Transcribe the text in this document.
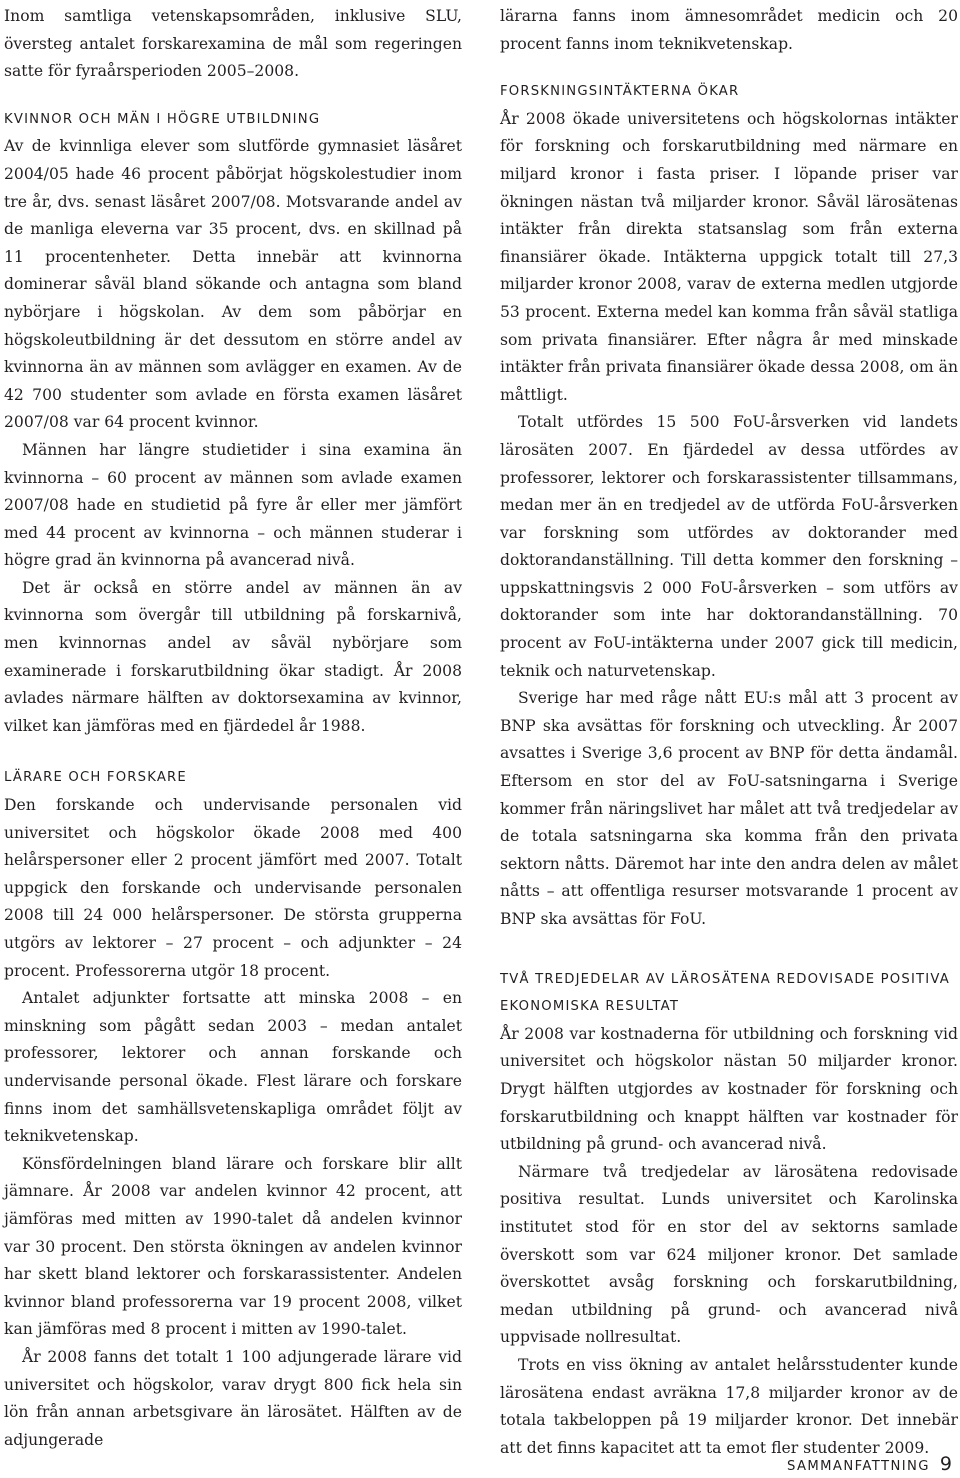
Inom samtliga vetenskapsområden, inklusive SLU, översteg antalet forskarexamina de mål som regeringen satte för fyraårsperioden 2005–2008.

KVINNOR OCH MÄN I HÖGRE UTBILDNING

Av de kvinnliga elever som slutförde gymnasiet läsåret 2004/05 hade 46 procent påbörjat högskolestudier inom tre år, dvs. senast läsåret 2007/08. Motsvarande andel av de manliga eleverna var 35 procent, dvs. en skillnad på 11 procentenheter. Detta innebär att kvinnorna dominerar såväl bland sökande och antagna som bland nybörjare i högskolan. Av dem som påbörjar en högskoleutbildning är det dessutom en större andel av kvinnorna än av männen som avlägger en examen. Av de 42 700 studenter som avlade en första examen läsåret 2007/08 var 64 procent kvinnor.

Männen har längre studietider i sina examina än kvinnorna – 60 procent av männen som avlade examen 2007/08 hade en studietid på fyre år eller mer jämfört med 44 procent av kvinnorna – och männen studerar i högre grad än kvinnorna på avancerad nivå.

Det är också en större andel av männen än av kvinnorna som övergår till utbildning på forskarnivå, men kvinnornas andel av såväl nybörjare som examinerade i forskarutbildning ökar stadigt. År 2008 avlades närmare hälften av doktorsexamina av kvinnor, vilket kan jämföras med en fjärdedel år 1988.

LÄRARE OCH FORSKARE

Den forskande och undervisande personalen vid universitet och högskolor ökade 2008 med 400 helårspersoner eller 2 procent jämfört med 2007. Totalt uppgick den forskande och undervisande personalen 2008 till 24 000 helårspersoner. De största grupperna utgörs av lektorer – 27 procent – och adjunkter – 24 procent. Professorerna utgör 18 procent.

Antalet adjunkter fortsatte att minska 2008 – en minskning som pågått sedan 2003 – medan antalet professorer, lektorer och annan forskande och undervisande personal ökade. Flest lärare och forskare finns inom det samhällsvetenskapliga området följt av teknikvetenskap.

Könsfördelningen bland lärare och forskare blir allt jämnare. År 2008 var andelen kvinnor 42 procent, att jämföras med mitten av 1990-talet då andelen kvinnor var 30 procent. Den största ökningen av andelen kvinnor har skett bland lektorer och forskarassistenter. Andelen kvinnor bland professorerna var 19 procent 2008, vilket kan jämföras med 8 procent i mitten av 1990-talet.

År 2008 fanns det totalt 1 100 adjungerade lärare vid universitet och högskolor, varav drygt 800 fick hela sin lön från annan arbetsgivare än lärosätet. Hälften av de adjungerade

lärarna fanns inom ämnesområdet medicin och 20 procent fanns inom teknikvetenskap.

FORSKNINGSINTÄKTERNA ÖKAR

År 2008 ökade universitetens och högskolornas intäkter för forskning och forskarutbildning med närmare en miljard kronor i fasta priser. I löpande priser var ökningen nästan två miljarder kronor. Såväl lärosätenas intäkter från direkta statsanslag som från externa finansiärer ökade. Intäkterna uppgick totalt till 27,3 miljarder kronor 2008, varav de externa medlen utgjorde 53 procent. Externa medel kan komma från såväl statliga som privata finansiärer. Efter några år med minskade intäkter från privata finansiärer ökade dessa 2008, om än måttligt.

Totalt utfördes 15 500 FoU-årsverken vid landets lärosäten 2007. En fjärdedel av dessa utfördes av professorer, lektorer och forskarassistenter tillsammans, medan mer än en tredjedel av de utförda FoU-årsverken var forskning som utfördes av doktorander med doktorandanställning. Till detta kommer den forskning – uppskattningsvis 2 000 FoU-årsverken – som utförs av doktorander som inte har doktorandanställning. 70 procent av FoU-intäkterna under 2007 gick till medicin, teknik och naturvetenskap.

Sverige har med råge nått EU:s mål att 3 procent av BNP ska avsättas för forskning och utveckling. År 2007 avsattes i Sverige 3,6 procent av BNP för detta ändamål. Eftersom en stor del av FoU-satsningarna i Sverige kommer från näringslivet har målet att två tredjedelar av de totala satsningarna ska komma från den privata sektorn nåtts. Däremot har inte den andra delen av målet nåtts – att offentliga resurser motsvarande 1 procent av BNP ska avsättas för FoU.

TVÅ TREDJEDELAR AV LÄROSÄTENA REDOVISADE POSITIVA EKONOMISKA RESULTAT

År 2008 var kostnaderna för utbildning och forskning vid universitet och högskolor nästan 50 miljarder kronor. Drygt hälften utgjordes av kostnader för forskning och forskarutbildning och knappt hälften var kostnader för utbildning på grund- och avancerad nivå.

Närmare två tredjedelar av lärosätena redovisade positiva resultat. Lunds universitet och Karolinska institutet stod för en stor del av sektorns samlade överskott som var 624 miljoner kronor. Det samlade överskottet avsåg forskning och forskarutbildning, medan utbildning på grund- och avancerad nivå uppvisade nollresultat.

Trots en viss ökning av antalet helårsstudenter kunde lärosätena endast avräkna 17,8 miljarder kronor av de totala takbeloppen på 19 miljarder kronor. Det innebär att det finns kapacitet att ta emot fler studenter 2009.

SAMMANFATTNING 9
